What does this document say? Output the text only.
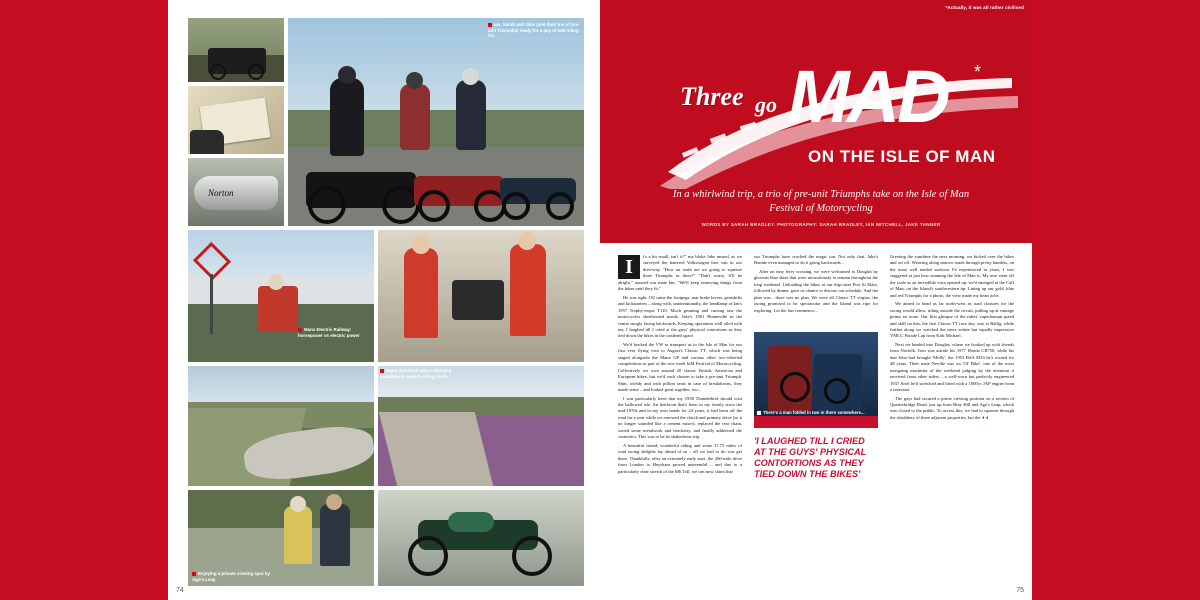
Norton
Ian, Sarah and Jake (and their trio of pre-unit Triumphs) ready for a day of IoM riding fun
Manx Electric Railway: horsepower vs electric power
Enjoying a private viewing spot by Ago's Leap
Manx moorland was a stunning backdrop to superb riding roads
74
*Actually, it was all rather civilised
Three go MAD *
ON THE ISLE OF MAN
In a whirlwind trip, a trio of pre-unit Triumphs take on the Isle of Man Festival of Motorcycling
WORDS BY SARAH BRADLEY. PHOTOGRAPHY: SARAH BRADLEY, IAN MITCHELL, JAKE TANNER

I	t's a bit small, isn't it?" my bloke Jake mused, as we surveyed the battered Volkswagen hire van in our driveway. "How on earth are we going to squeeze three Triumphs in there?" "Don't worry. It'll be alright," assured our mate Ian. "We'll keep removing things from the bikes until they fit."

He was right. Off came the footpegs, rear brake levers, gearshifts and kickstarters – along with, unintentionally, the headlamp of Ian's 1957 Trophy-esque T110. Much grunting and cursing saw the motorcycles shoehorned inside, Jake's 1961 Bonneville in the centre snugly facing backwards. Keeping operations well oiled with tea, I laughed till I cried at the guys' physical contortions as they tied down the bikes in the confined space.

We'd booked the VW to transport us to the Isle of Man for our first ever flying visit to August's Classic TT, which was being staged alongside the Manx GP and various other two-wheeled competitions as part of the two-week IoM Festival of Motorcycling. Collectively we own around 20 classic British, American and European bikes, but we'd each chosen to take a pre-unit Triumph. Slim, wieldy and with pillion seats in case of breakdowns, they made sense – and looked great together, too...

I was particularly keen that my 1958 Thunderbird should visit the hallowed isle. An heirloom that's been in my family since the mid-1970s and in my own hands for 24 years, it had been off the road for a year while we renewed the clutch and primary drive (so it no longer sounded like a cement mixer), replaced the rear chain, sorted some metalwork and bracketry, and finally addressed the cosmetics. This was to be its shakedown trip.

A beautiful island, wonderful riding and some 37.73 miles of road racing delights lay ahead of us – all we had to do was get there. Thankfully, after an extremely early start, the 260-mile drive from London to Heysham proved uneventful – and due to a particularly clear stretch of the M6 Toll, we can now claim that

our Triumphs have cracked the magic ton. Not only that, Jake's Bonnie even managed to do it going backwards...

After an easy ferry crossing, we were welcomed to Douglas by glorious blue skies that were miraculously to remain throughout the long weekend. Unloading the bikes at our digs near Port St Mary, followed by dinner, gave us chance to discuss our schedule. And the plan was... there was no plan. We were all Classic TT virgins, the racing promised to be spectacular and the Island was ripe for exploring. Let the fun commence...

There's a man folded in two in there somewhere...
'I LAUGHED TILL I CRIED AT THE GUYS' PHYSICAL CONTORTIONS AS THEY TIED DOWN THE BIKES'

Greeting the sunshine the next morning, we kicked over the bikes and set off. Weaving along narrow roads through pretty hamlets, on the most well tended surfaces I'd experienced in years, I was staggered at just how stunning the Isle of Man is. My awe went off the scale as an incredible vista opened up: we'd emerged at the Calf of Man, on the Island's southwestern tip. Lining up our gold, blue and red Triumphs for a photo, the view made my heart ache.

We aimed to head as far north-west as road closures for the racing would allow, riding outside the circuit, pulling up at vantage points en route. Our first glimpse of the riders' superhuman speed and skill on this, the first Classic TT race day, was at Ballig, while further along we watched the more sedate but equally impressive VMCC Parade Lap from Kirk Michael.

Next we headed into Douglas, where we hooked up with friends from Norfolk. Tom was astride his 1977 Honda CB750, while his dad John had brought 'Molly', the 1952 BSA M33 he's owned for 48 years. Their mate Neville was on 'Ol' Bike', one of the most intriguing machines of the weekend judging by the attention it received from other riders – a well-worn but perfectly engineered 1937 Ariel he'd stretched and fitted with a 1000cc JAP engine from a rotavator.

The guys had secured a prime viewing position on a section of Quarterbridge Road, just up from Bray Hill and Ago's Leap, which was closed to the public. To access this, we had to squeeze through the shrubbery of three adjacent properties, but the ➧➧

75
